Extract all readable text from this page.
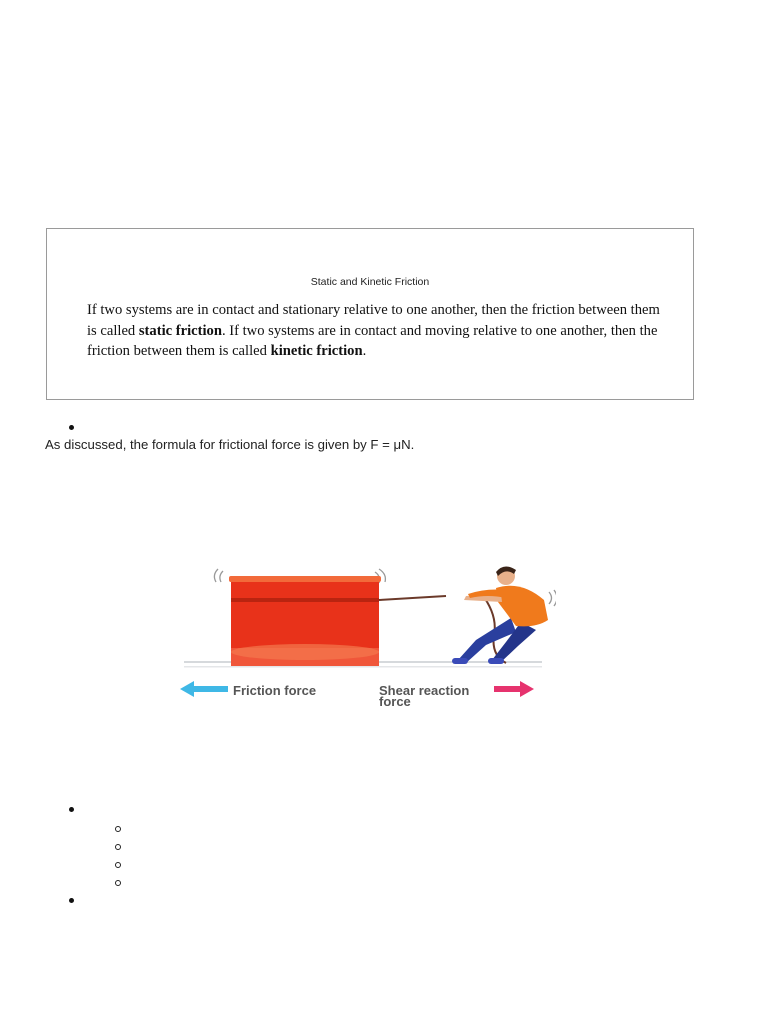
Static and Kinetic Friction
If two systems are in contact and stationary relative to one another, then the friction between them is called static friction. If two systems are in contact and moving relative to one another, then the friction between them is called kinetic friction.
As discussed, the formula for frictional force is given by F = μN.
Friction force	Shear reaction
force
